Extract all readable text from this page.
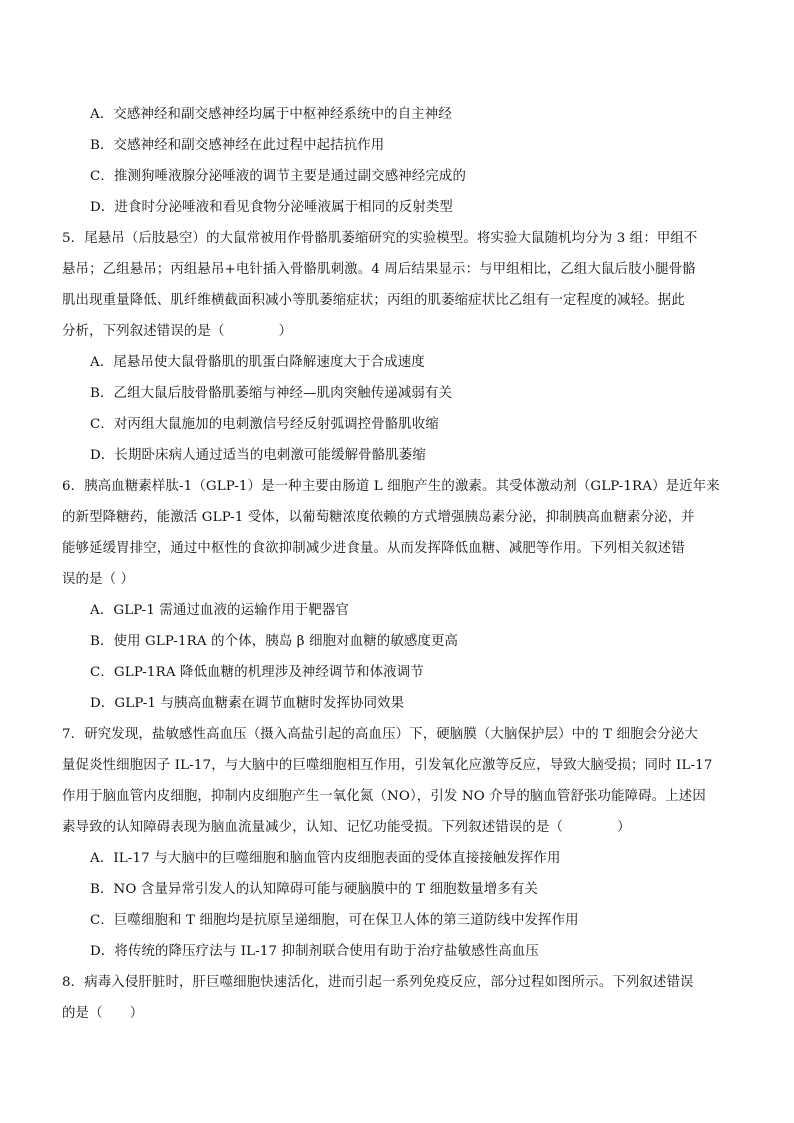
A．交感神经和副交感神经均属于中枢神经系统中的自主神经
B．交感神经和副交感神经在此过程中起拮抗作用
C．推测狗唾液腺分泌唾液的调节主要是通过副交感神经完成的
D．进食时分泌唾液和看见食物分泌唾液属于相同的反射类型
5．尾悬吊（后肢悬空）的大鼠常被用作骨骼肌萎缩研究的实验模型。将实验大鼠随机均分为 3 组：甲组不
悬吊；乙组悬吊；丙组悬吊+电针插入骨骼肌刺激。4 周后结果显示：与甲组相比，乙组大鼠后肢小腿骨骼
肌出现重量降低、肌纤维横截面积减小等肌萎缩症状；丙组的肌萎缩症状比乙组有一定程度的减轻。据此
分析，下列叙述错误的是（　　　　）
A．尾悬吊使大鼠骨骼肌的肌蛋白降解速度大于合成速度
B．乙组大鼠后肢骨骼肌萎缩与神经—肌肉突触传递减弱有关
C．对丙组大鼠施加的电刺激信号经反射弧调控骨骼肌收缩
D．长期卧床病人通过适当的电刺激可能缓解骨骼肌萎缩
6．胰高血糖素样肽-1（GLP-1）是一种主要由肠道 L 细胞产生的激素。其受体激动剂（GLP-1RA）是近年来
的新型降糖药，能激活 GLP-1 受体，以葡萄糖浓度依赖的方式增强胰岛素分泌，抑制胰高血糖素分泌，并
能够延缓胃排空，通过中枢性的食欲抑制减少进食量。从而发挥降低血糖、减肥等作用。下列相关叙述错
误的是（ ）
A．GLP-1 需通过血液的运输作用于靶器官
B．使用 GLP-1RA 的个体，胰岛 β 细胞对血糖的敏感度更高
C．GLP-1RA 降低血糖的机理涉及神经调节和体液调节
D．GLP-1 与胰高血糖素在调节血糖时发挥协同效果
7．研究发现，盐敏感性高血压（摄入高盐引起的高血压）下，硬脑膜（大脑保护层）中的 T 细胞会分泌大
量促炎性细胞因子 IL-17，与大脑中的巨噬细胞相互作用，引发氧化应激等反应，导致大脑受损；同时 IL-17
作用于脑血管内皮细胞，抑制内皮细胞产生一氧化氮（NO），引发 NO 介导的脑血管舒张功能障碍。上述因
素导致的认知障碍表现为脑血流量减少，认知、记忆功能受损。下列叙述错误的是（　　　　）
A．IL-17 与大脑中的巨噬细胞和脑血管内皮细胞表面的受体直接接触发挥作用
B．NO 含量异常引发人的认知障碍可能与硬脑膜中的 T 细胞数量增多有关
C．巨噬细胞和 T 细胞均是抗原呈递细胞，可在保卫人体的第三道防线中发挥作用
D．将传统的降压疗法与 IL-17 抑制剂联合使用有助于治疗盐敏感性高血压
8．病毒入侵肝脏时，肝巨噬细胞快速活化，进而引起一系列免疫反应，部分过程如图所示。下列叙述错误
的是（　　）
